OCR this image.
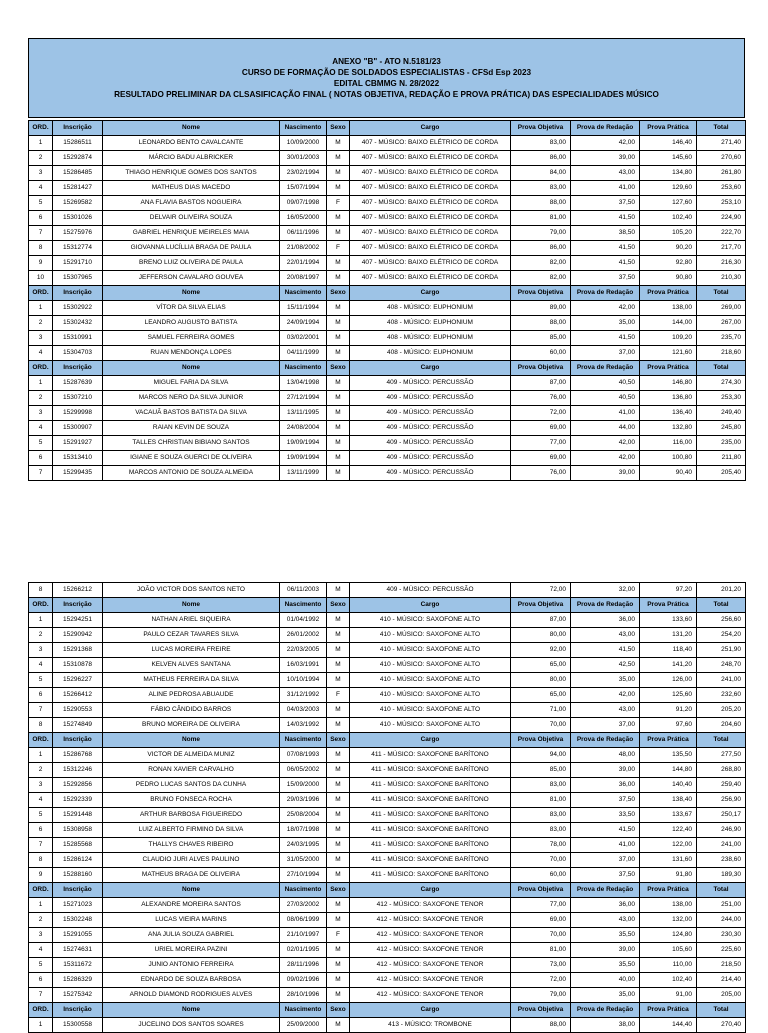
ANEXO "B" - ATO N.5181/23
CURSO DE FORMAÇÃO DE SOLDADOS ESPECIALISTAS - CFSd Esp 2023
EDITAL CBMMG N. 28/2022
RESULTADO PRELIMINAR DA CLSASIFICAÇÃO FINAL ( NOTAS OBJETIVA, REDAÇÃO E PROVA PRÁTICA) DAS ESPECIALIDADES MÚSICO
ORD.	Inscrição	Nome	Nascimento	Sexo	Cargo	Prova Objetiva	Prova de Redação	Prova Prática	Total
1	15286511	LEONARDO BENTO CAVALCANTE	10/09/2000	M	407 - MÚSICO: BAIXO ELÉTRICO DE CORDA	83,00	42,00	146,40	271,40
2	15292874	MÁRCIO BADU ALBRICKER	30/01/2003	M	407 - MÚSICO: BAIXO ELÉTRICO DE CORDA	86,00	39,00	145,60	270,60
3	15286485	THIAGO HENRIQUE GOMES DOS SANTOS	23/02/1994	M	407 - MÚSICO: BAIXO ELÉTRICO DE CORDA	84,00	43,00	134,80	261,80
4	15281427	MATHEUS DIAS MACEDO	15/07/1994	M	407 - MÚSICO: BAIXO ELÉTRICO DE CORDA	83,00	41,00	129,60	253,60
5	15269582	ANA FLAVIA BASTOS NOGUEIRA	09/07/1998	F	407 - MÚSICO: BAIXO ELÉTRICO DE CORDA	88,00	37,50	127,60	253,10
6	15301026	DELVAIR OLIVEIRA SOUZA	16/05/2000	M	407 - MÚSICO: BAIXO ELÉTRICO DE CORDA	81,00	41,50	102,40	224,90
7	15275976	GABRIEL HENRIQUE MEIRELES MAIA	06/11/1996	M	407 - MÚSICO: BAIXO ELÉTRICO DE CORDA	79,00	38,50	105,20	222,70
8	15312774	GIOVANNA LUCÍLLIA BRAGA DE PAULA	21/08/2002	F	407 - MÚSICO: BAIXO ELÉTRICO DE CORDA	86,00	41,50	90,20	217,70
9	15291710	BRENO LUIZ OLIVEIRA DE PAULA	22/01/1994	M	407 - MÚSICO: BAIXO ELÉTRICO DE CORDA	82,00	41,50	92,80	216,30
10	15307965	JEFFERSON CAVALARO GOUVEA	20/08/1997	M	407 - MÚSICO: BAIXO ELÉTRICO DE CORDA	82,00	37,50	90,80	210,30
ORD.	Inscrição	Nome	Nascimento	Sexo	Cargo	Prova Objetiva	Prova de Redação	Prova Prática	Total
1	15302922	VÍTOR DA SILVA ELIAS	15/11/1994	M	408 - MÚSICO: EUPHONIUM	89,00	42,00	138,00	269,00
2	15302432	LEANDRO AUGUSTO BATISTA	24/09/1994	M	408 - MÚSICO: EUPHONIUM	88,00	35,00	144,00	267,00
3	15310991	SAMUEL FERREIRA GOMES	03/02/2001	M	408 - MÚSICO: EUPHONIUM	85,00	41,50	109,20	235,70
4	15304703	RUAN MENDONÇA LOPES	04/11/1999	M	408 - MÚSICO: EUPHONIUM	60,00	37,00	121,60	218,60
ORD.	Inscrição	Nome	Nascimento	Sexo	Cargo	Prova Objetiva	Prova de Redação	Prova Prática	Total
1	15287639	MIGUEL FARIA DA SILVA	13/04/1998	M	409 - MÚSICO: PERCUSSÃO	87,00	40,50	146,80	274,30
2	15307210	MARCOS NERO DA SILVA JUNIOR	27/12/1994	M	409 - MÚSICO: PERCUSSÃO	76,00	40,50	136,80	253,30
3	15299998	VACAUÃ BASTOS BATISTA DA SILVA	13/11/1995	M	409 - MÚSICO: PERCUSSÃO	72,00	41,00	136,40	249,40
4	15300907	RAIAN KEVIN DE SOUZA	24/08/2004	M	409 - MÚSICO: PERCUSSÃO	69,00	44,00	132,80	245,80
5	15291927	TALLES CHRISTIAN BIBIANO SANTOS	19/09/1994	M	409 - MÚSICO: PERCUSSÃO	77,00	42,00	116,00	235,00
6	15313410	IGIANE E SOUZA GUERCI DE OLIVEIRA	19/09/1994	M	409 - MÚSICO: PERCUSSÃO	69,00	42,00	100,80	211,80
7	15299435	MARCOS ANTONIO DE SOUZA ALMEIDA	13/11/1999	M	409 - MÚSICO: PERCUSSÃO	76,00	39,00	90,40	205,40
8	15266212	JOÃO VICTOR DOS SANTOS NETO	06/11/2003	M	409 - MÚSICO: PERCUSSÃO	72,00	32,00	97,20	201,20
ORD.	Inscrição	Nome	Nascimento	Sexo	Cargo	Prova Objetiva	Prova de Redação	Prova Prática	Total
1	15294251	NATHAN ARIEL SIQUEIRA	01/04/1992	M	410 - MÚSICO: SAXOFONE ALTO	87,00	36,00	133,60	256,60
2	15290942	PAULO CEZAR TAVARES SILVA	26/01/2002	M	410 - MÚSICO: SAXOFONE ALTO	80,00	43,00	131,20	254,20
3	15291368	LUCAS MOREIRA FREIRE	22/03/2005	M	410 - MÚSICO: SAXOFONE ALTO	92,00	41,50	118,40	251,90
4	15310878	KELVEN ALVES SANTANA	16/03/1991	M	410 - MÚSICO: SAXOFONE ALTO	65,00	42,50	141,20	248,70
5	15296227	MATHEUS FERREIRA DA SILVA	10/10/1994	M	410 - MÚSICO: SAXOFONE ALTO	80,00	35,00	126,00	241,00
6	15266412	ALINE PEDROSA ABUAUDE	31/12/1992	F	410 - MÚSICO: SAXOFONE ALTO	65,00	42,00	125,60	232,60
7	15290553	FÁBIO CÂNDIDO BARROS	04/03/2003	M	410 - MÚSICO: SAXOFONE ALTO	71,00	43,00	91,20	205,20
8	15274849	BRUNO MOREIRA DE OLIVEIRA	14/03/1992	M	410 - MÚSICO: SAXOFONE ALTO	70,00	37,00	97,60	204,60
ORD.	Inscrição	Nome	Nascimento	Sexo	Cargo	Prova Objetiva	Prova de Redação	Prova Prática	Total
1	15286768	VICTOR DE ALMEIDA MUNIZ	07/08/1993	M	411 - MÚSICO: SAXOFONE BARÍTONO	94,00	48,00	135,50	277,50
2	15312246	RONAN XAVIER CARVALHO	06/05/2002	M	411 - MÚSICO: SAXOFONE BARÍTONO	85,00	39,00	144,80	268,80
3	15292856	PEDRO LUCAS SANTOS DA CUNHA	15/09/2000	M	411 - MÚSICO: SAXOFONE BARÍTONO	83,00	36,00	140,40	259,40
4	15292339	BRUNO FONSECA ROCHA	29/03/1996	M	411 - MÚSICO: SAXOFONE BARÍTONO	81,00	37,50	138,40	256,90
5	15291448	ARTHUR BARBOSA FIGUEIREDO	25/08/2004	M	411 - MÚSICO: SAXOFONE BARÍTONO	83,00	33,50	133,67	250,17
6	15308958	LUIZ ALBERTO FIRMINO DA SILVA	18/07/1998	M	411 - MÚSICO: SAXOFONE BARÍTONO	83,00	41,50	122,40	246,90
7	15285568	THALLYS CHAVES RIBEIRO	24/03/1995	M	411 - MÚSICO: SAXOFONE BARÍTONO	78,00	41,00	122,00	241,00
8	15286124	CLAUDIO JURI ALVES PAULINO	31/05/2000	M	411 - MÚSICO: SAXOFONE BARÍTONO	70,00	37,00	131,60	238,60
9	15288160	MATHEUS BRAGA DE OLIVEIRA	27/10/1994	M	411 - MÚSICO: SAXOFONE BARÍTONO	60,00	37,50	91,80	189,30
ORD.	Inscrição	Nome	Nascimento	Sexo	Cargo	Prova Objetiva	Prova de Redação	Prova Prática	Total
1	15271023	ALEXANDRE MOREIRA SANTOS	27/03/2002	M	412 - MÚSICO: SAXOFONE TENOR	77,00	36,00	138,00	251,00
2	15302248	LUCAS VIEIRA MARINS	08/06/1999	M	412 - MÚSICO: SAXOFONE TENOR	69,00	43,00	132,00	244,00
3	15291055	ANA JULIA SOUZA GABRIEL	21/10/1997	F	412 - MÚSICO: SAXOFONE TENOR	70,00	35,50	124,80	230,30
4	15274631	URIEL MOREIRA PAZINI	02/01/1995	M	412 - MÚSICO: SAXOFONE TENOR	81,00	39,00	105,60	225,60
5	15311672	JUNIO ANTONIO FERREIRA	28/11/1996	M	412 - MÚSICO: SAXOFONE TENOR	73,00	35,50	110,00	218,50
6	15286329	EDNARDO DE SOUZA BARBOSA	09/02/1996	M	412 - MÚSICO: SAXOFONE TENOR	72,00	40,00	102,40	214,40
7	15275342	ARNOLD DIAMOND RODRIGUES ALVES	28/10/1996	M	412 - MÚSICO: SAXOFONE TENOR	79,00	35,00	91,00	205,00
ORD.	Inscrição	Nome	Nascimento	Sexo	Cargo	Prova Objetiva	Prova de Redação	Prova Prática	Total
1	15300558	JUCELINO DOS SANTOS SOARES	25/09/2000	M	413 - MÚSICO: TROMBONE	88,00	38,00	144,40	270,40
